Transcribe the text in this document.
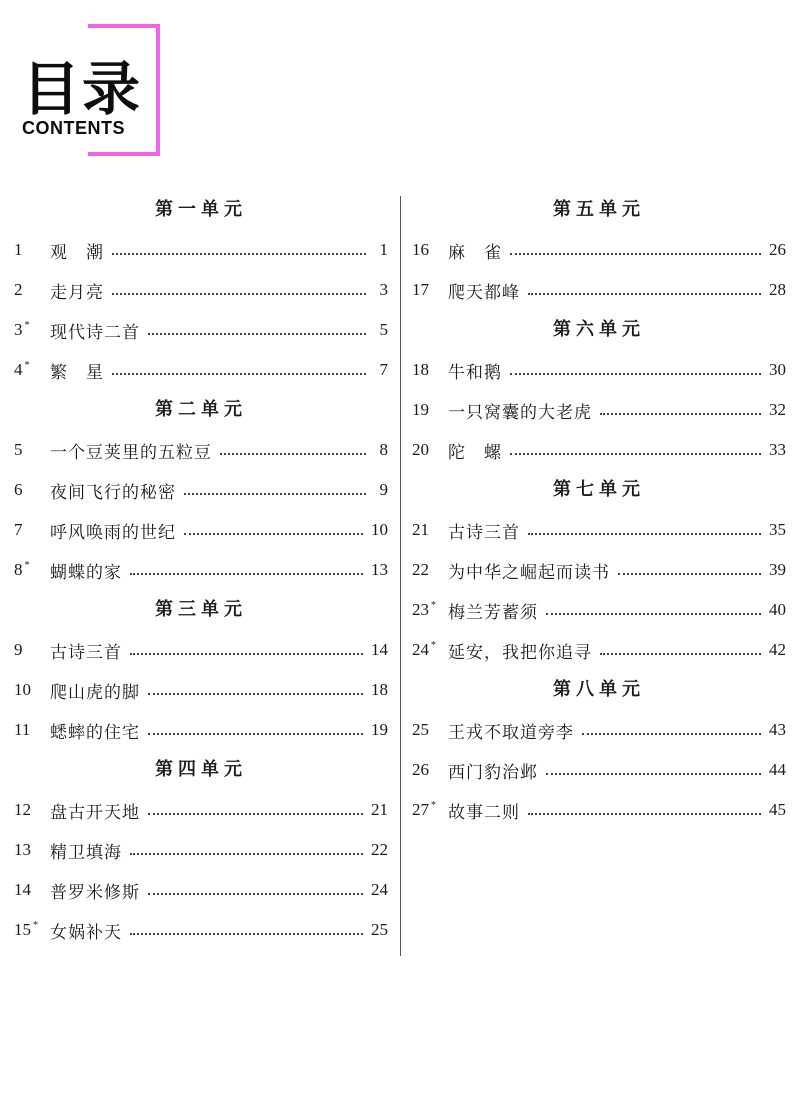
目录
CONTENTS
第一单元
1	观　潮	1
2	走月亮	3
3 *	现代诗二首	5
4 *	繁　星	7
第二单元
5	一个豆荚里的五粒豆	8
6	夜间飞行的秘密	9
7	呼风唤雨的世纪	10
8 *	蝴蝶的家	13
第三单元
9	古诗三首	14
10	爬山虎的脚	18
11	蟋蟀的住宅	19
第四单元
12	盘古开天地	21
13	精卫填海	22
14	普罗米修斯	24
15 * 女娲补天	25
第五单元
16	麻　雀	26
17	爬天都峰	28
第六单元
18	牛和鹅	30
19	一只窝囊的大老虎	32
20	陀　螺	33
第七单元
21	古诗三首	35
22	为中华之崛起而读书	39
23 * 梅兰芳蓄须	40
24 * 延安，我把你追寻	42
第八单元
25	王戎不取道旁李	43
26	西门豹治邺	44
27 * 故事二则	45
